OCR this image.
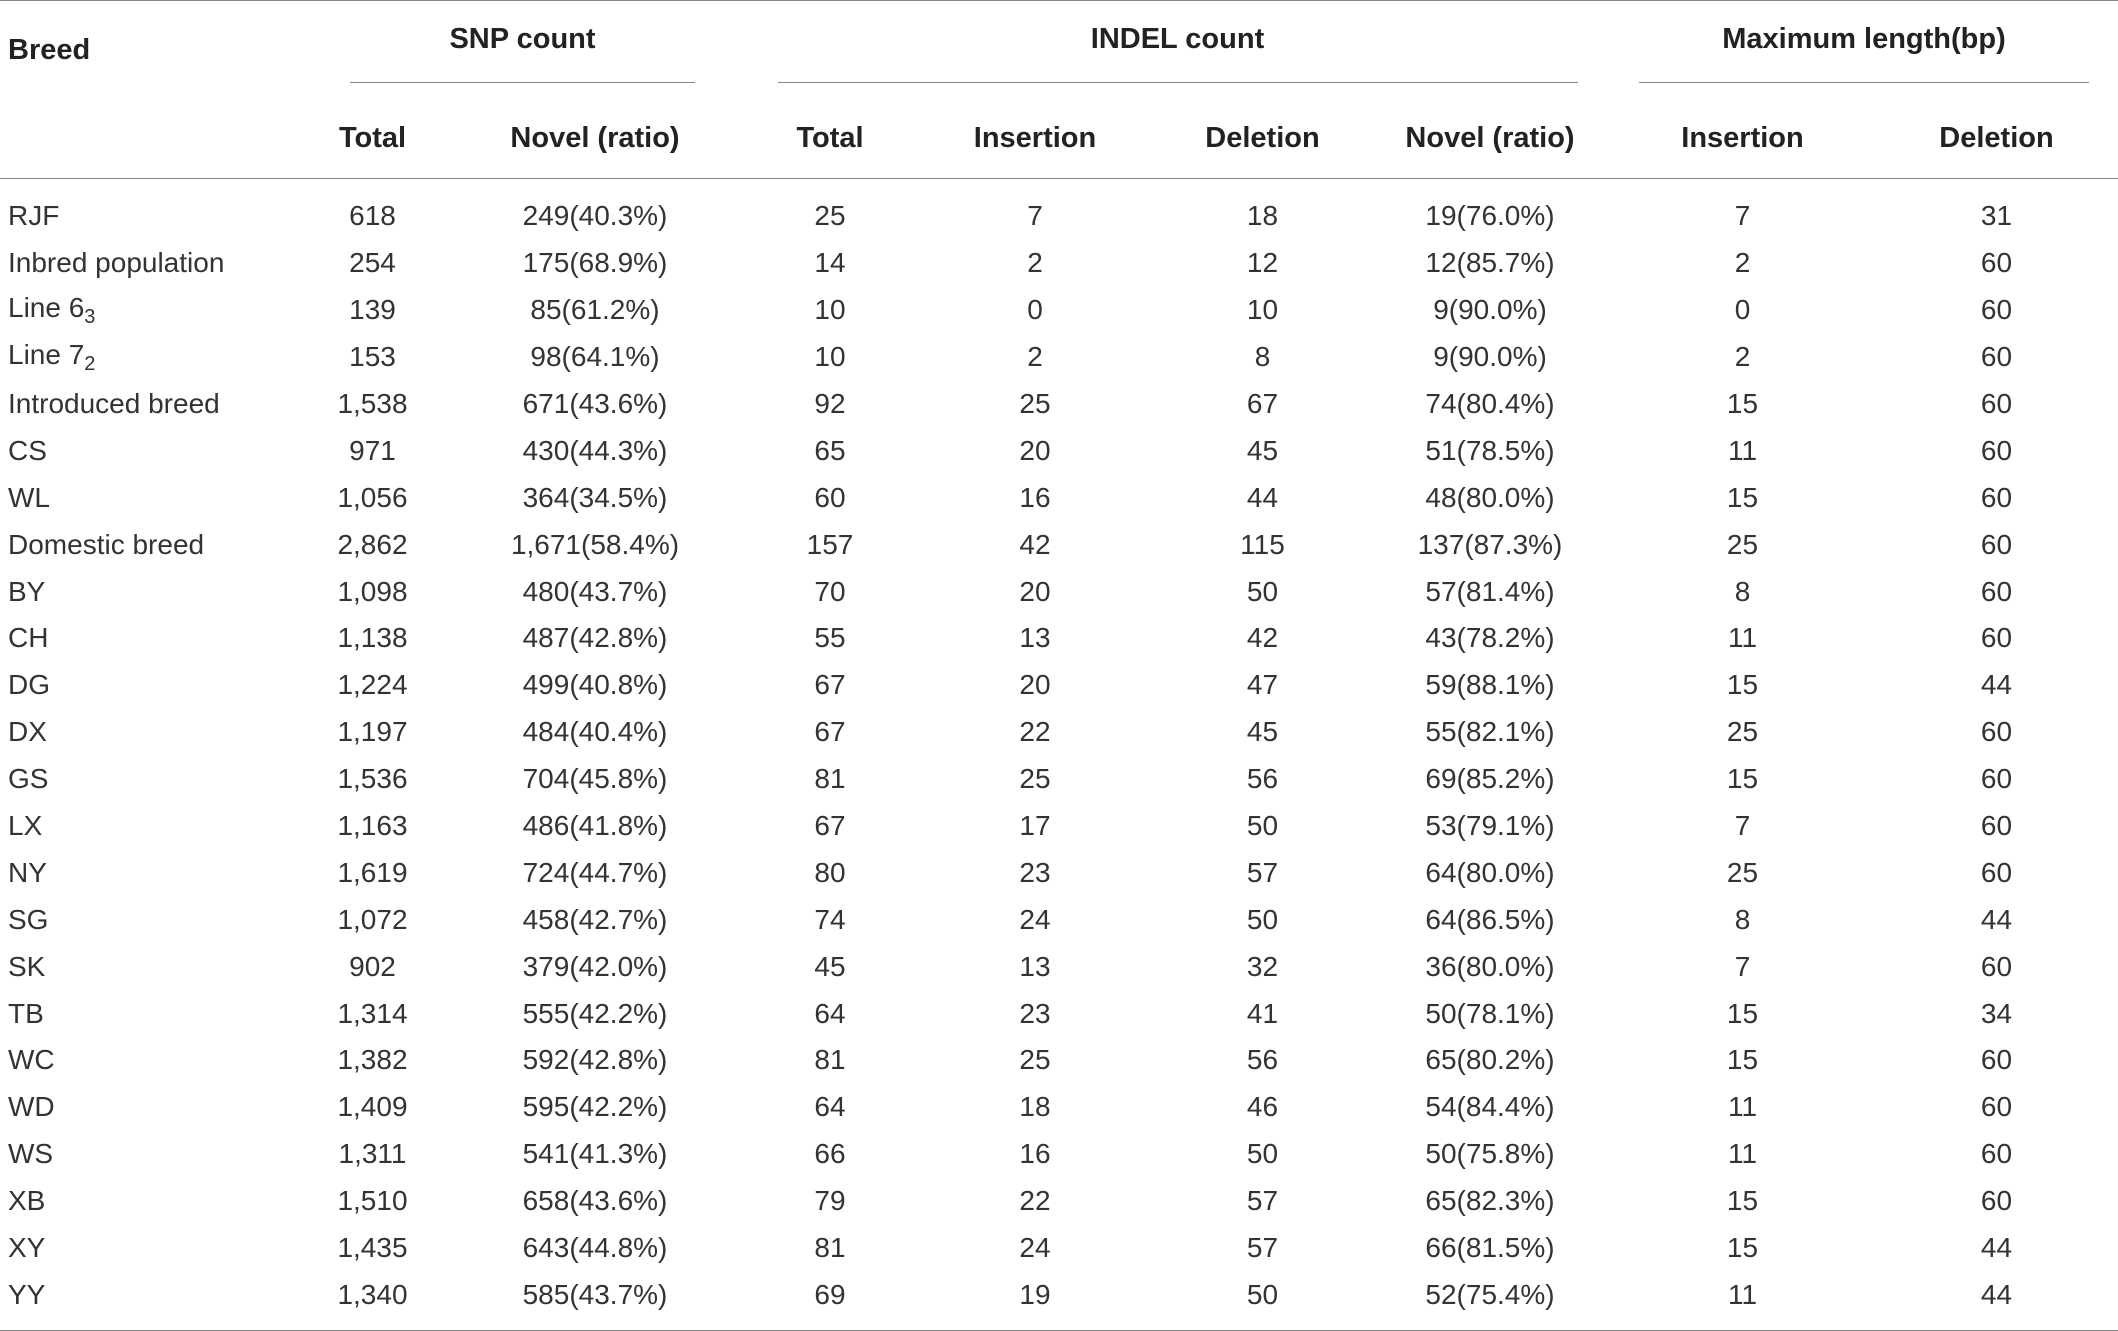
Breed	SNP count		INDEL count				Maximum length(bp)	

	Total	Novel (ratio)	Total	Insertion	Deletion	Novel (ratio)	Insertion	Deletion
RJF	618	249(40.3%)	25	7	18	19(76.0%)	7	31
Inbred population	254	175(68.9%)	14	2	12	12(85.7%)	2	60
Line $6_3$	139	85(61.2%)	10	0	10	9(90.0%)	0	60
Line $7_2$	153	98(64.1%)	10	2	8	9(90.0%)	2	60
Introduced breed	1,538	671(43.6%)	92	25	67	74(80.4%)	15	60
CS	971	430(44.3%)	65	20	45	51(78.5%)	11	60
WL	1,056	364(34.5%)	60	16	44	48(80.0%)	15	60
Domestic breed	2,862	1,671(58.4%)	157	42	115	137(87.3%)	25	60
BY	1,098	480(43.7%)	70	20	50	57(81.4%)	8	60
CH	1,138	487(42.8%)	55	13	42	43(78.2%)	11	60
DG	1,224	499(40.8%)	67	20	47	59(88.1%)	15	44
DX	1,197	484(40.4%)	67	22	45	55(82.1%)	25	60
GS	1,536	704(45.8%)	81	25	56	69(85.2%)	15	60
LX	1,163	486(41.8%)	67	17	50	53(79.1%)	7	60
NY	1,619	724(44.7%)	80	23	57	64(80.0%)	25	60
SG	1,072	458(42.7%)	74	24	50	64(86.5%)	8	44
SK	902	379(42.0%)	45	13	32	36(80.0%)	7	60
TB	1,314	555(42.2%)	64	23	41	50(78.1%)	15	34
WC	1,382	592(42.8%)	81	25	56	65(80.2%)	15	60
WD	1,409	595(42.2%)	64	18	46	54(84.4%)	11	60
WS	1,311	541(41.3%)	66	16	50	50(75.8%)	11	60
XB	1,510	658(43.6%)	79	22	57	65(82.3%)	15	60
XY	1,435	643(44.8%)	81	24	57	66(81.5%)	15	44
YY	1,340	585(43.7%)	69	19	50	52(75.4%)	11	44
